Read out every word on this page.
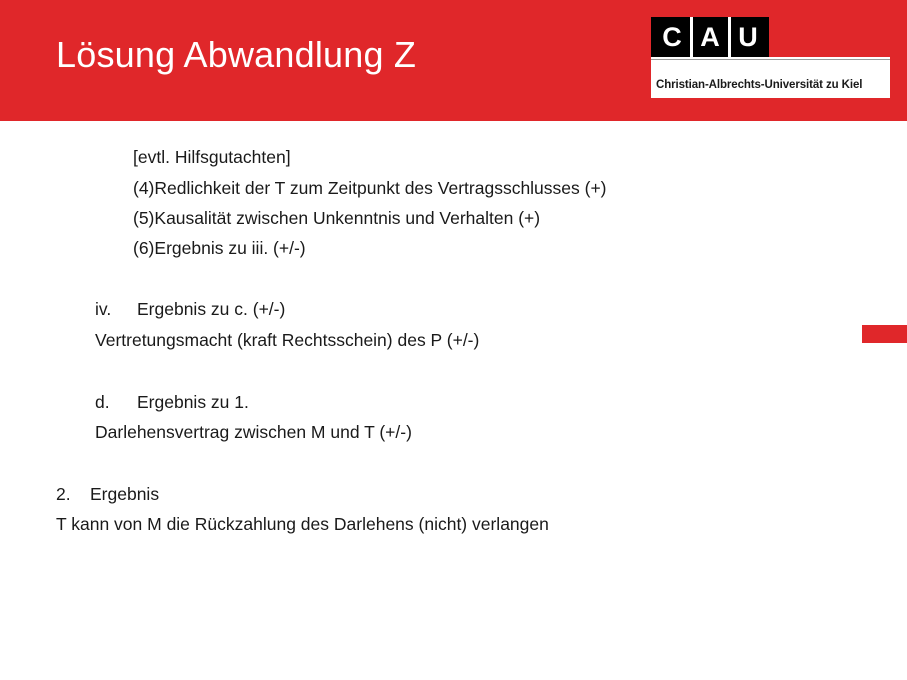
Lösung Abwandlung Z	C A U
Christian-Albrechts-Universität zu Kiel
[evtl. Hilfsgutachten]
(4)Redlichkeit der T zum Zeitpunkt des Vertragsschlusses (+)
(5)Kausalität zwischen Unkenntnis und Verhalten (+)
(6)Ergebnis zu iii. (+/-)
iv. Ergebnis zu c. (+/-)
Vertretungsmacht (kraft Rechtsschein) des P (+/-)
d. Ergebnis zu 1.
Darlehensvertrag zwischen M und T (+/-)
2. Ergebnis
T kann von M die Rückzahlung des Darlehens (nicht) verlangen
